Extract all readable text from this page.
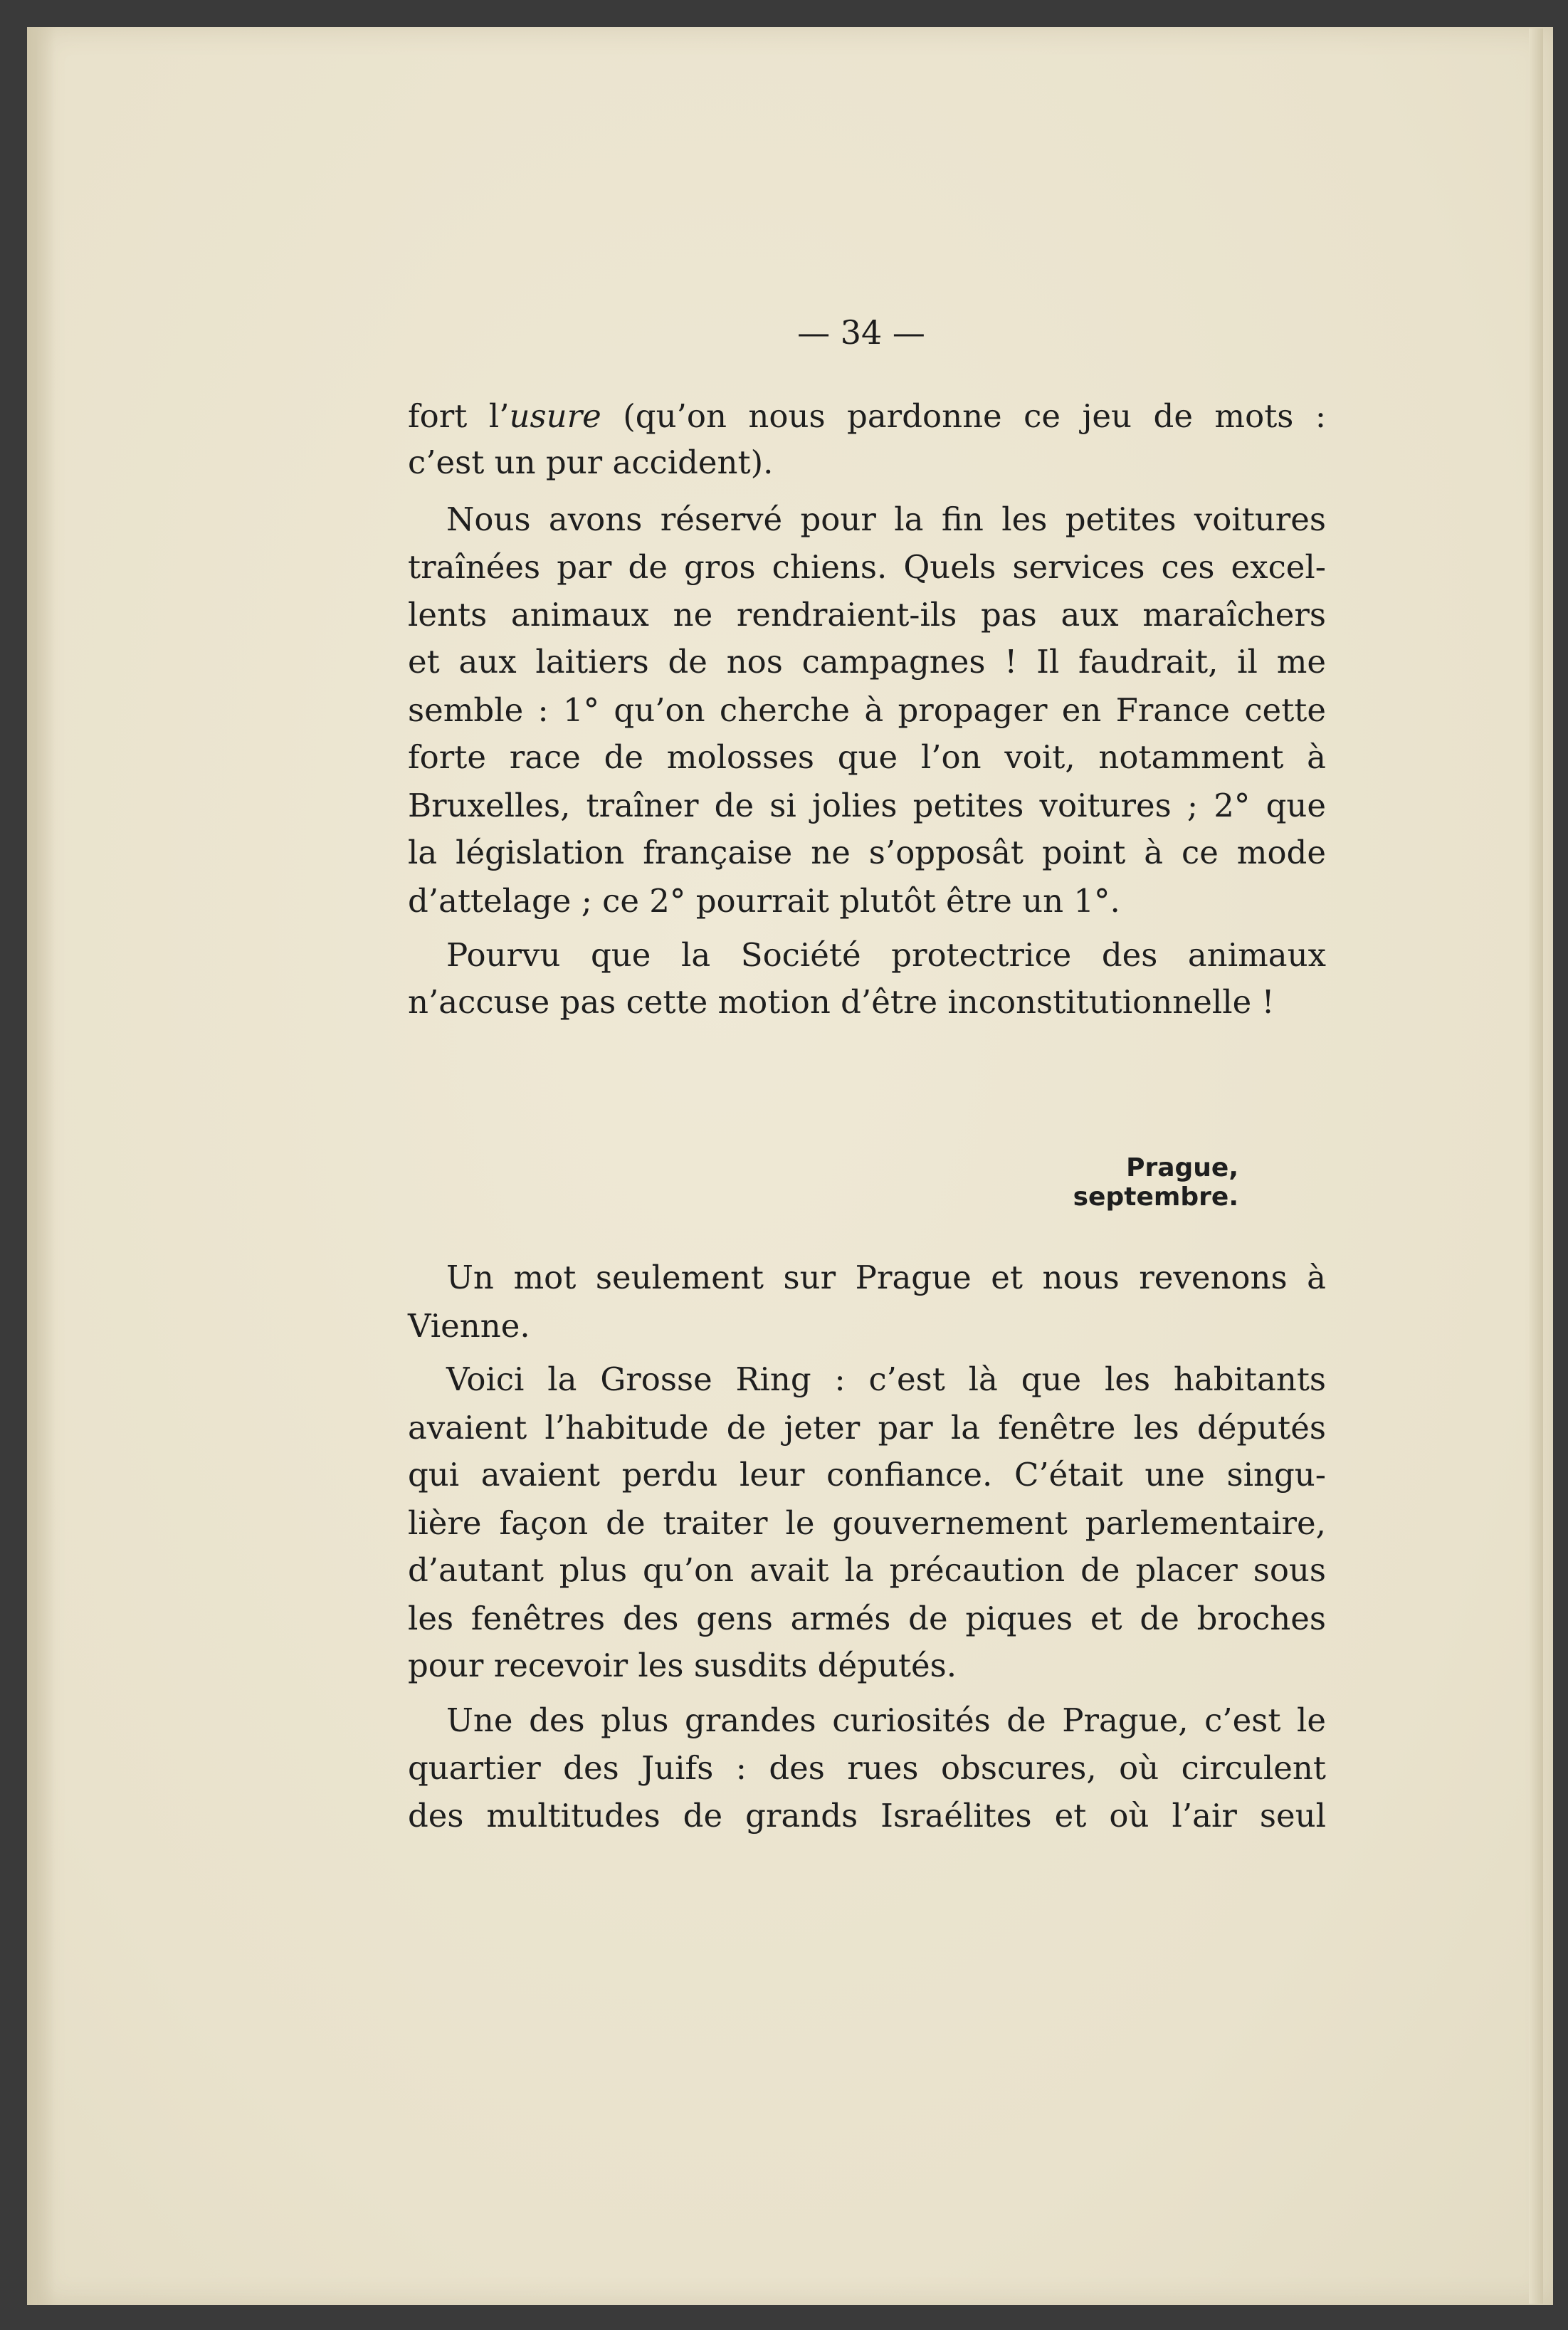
— 34 —
fort l’usure (qu’on nous pardonne ce jeu de mots :
c’est un pur accident).
Nous avons réservé pour la fin les petites voitures
traînées par de gros chiens. Quels services ces excel-
lents animaux ne rendraient-ils pas aux maraîchers
et aux laitiers de nos campagnes ! Il faudrait, il me
semble : 1° qu’on cherche à propager en France cette
forte race de molosses que l’on voit, notamment à
Bruxelles, traîner de si jolies petites voitures ; 2° que
la législation française ne s’opposât point à ce mode
d’attelage ; ce 2° pourrait plutôt être un 1°.
Pourvu que la Société protectrice des animaux
n’accuse pas cette motion d’être inconstitutionnelle !
Prague, septembre.
Un mot seulement sur Prague et nous revenons à
Vienne.
Voici la Grosse Ring : c’est là que les habitants
avaient l’habitude de jeter par la fenêtre les députés
qui avaient perdu leur confiance. C’était une singu-
lière façon de traiter le gouvernement parlementaire,
d’autant plus qu’on avait la précaution de placer sous
les fenêtres des gens armés de piques et de broches
pour recevoir les susdits députés.
Une des plus grandes curiosités de Prague, c’est le
quartier des Juifs : des rues obscures, où circulent
des multitudes de grands Israélites et où l’air seul
